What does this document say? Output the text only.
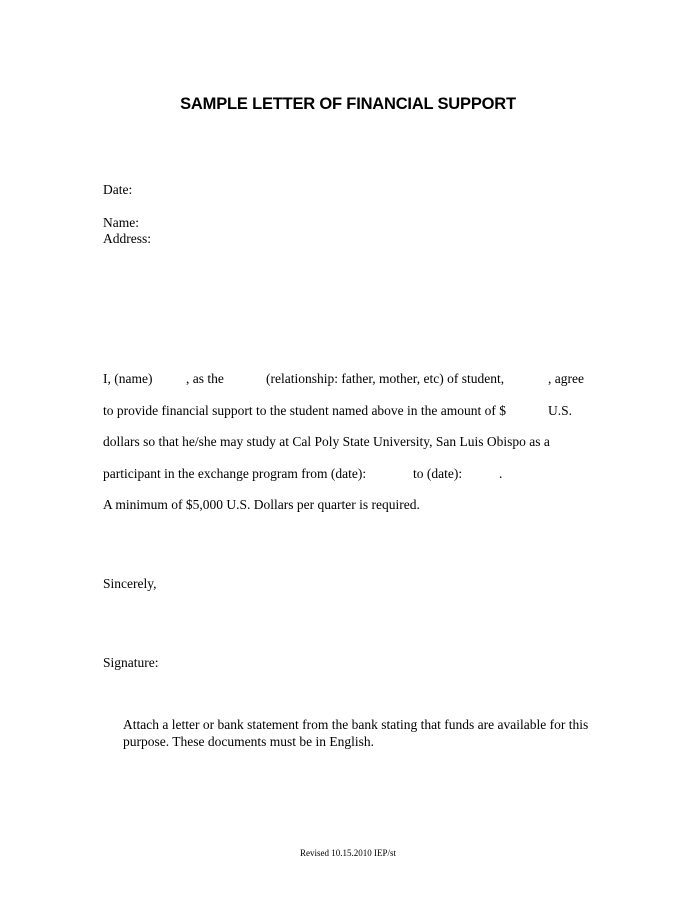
SAMPLE LETTER OF FINANCIAL SUPPORT
Date:
Name:
Address:
I, (name) , as the	(relationship: father, mother, etc) of student,	, agree
to provide financial support to the student named above in the amount of $	U.S.
dollars so that he/she may study at Cal Poly State University, San Luis Obispo as a
participant in the exchange program from (date):	to (date):	.
A minimum of $5,000 U.S. Dollars per quarter is required.
Sincerely,
Signature:
Attach a letter or bank statement from the bank stating that funds are available for this
purpose. These documents must be in English.
Revised 10.15.2010 IEP/st
